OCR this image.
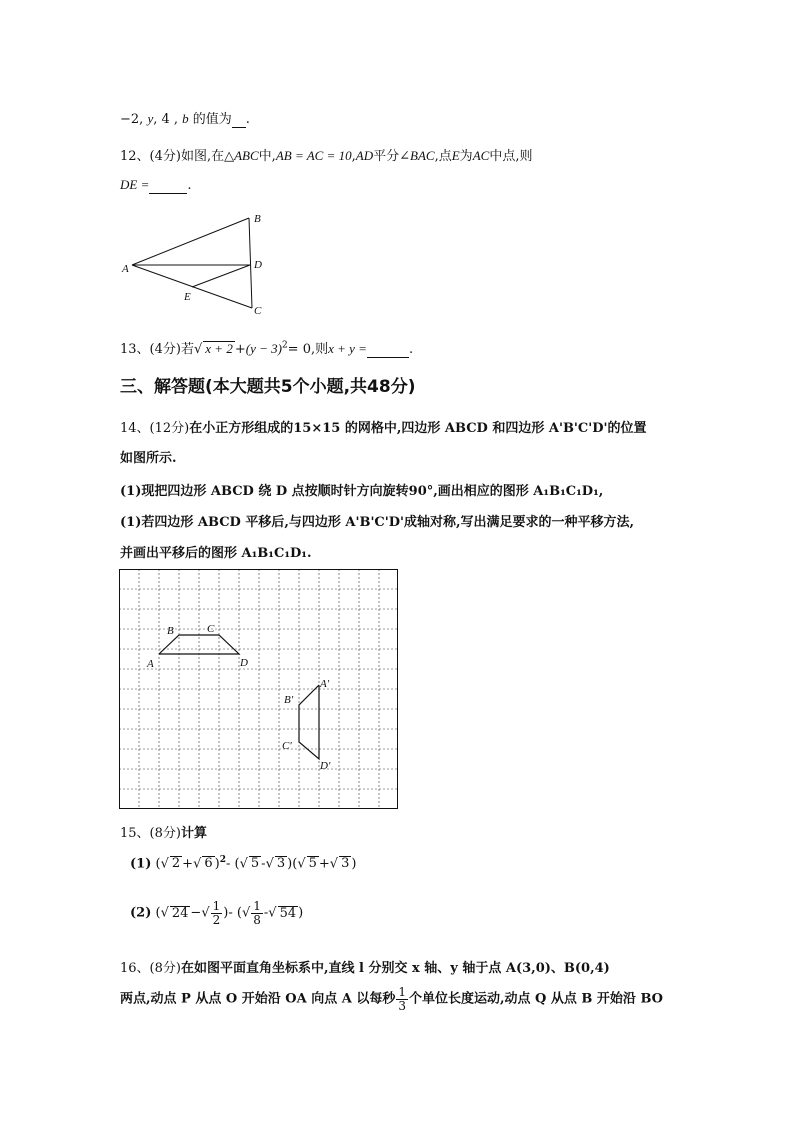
−2, y, 4 , b 的值为 .
12、(4分)如图,在△ABC中,AB = AC = 10,AD平分∠BAC,点E为AC中点,则
DE =	.
A
B
C
D
E
13、(4分)若√ $x + 2 +(y - 3)^2= 0$,则x + y =	.
三、解答题(本大题共5个小题,共48分)
14、(12分)在小正方形组成的15×15 的网格中,四边形 ABCD 和四边形 A'B'C'D'的位置
如图所示.
(1)现把四边形 ABCD 绕 D 点按顺时针方向旋转90°,画出相应的图形 A₁B₁C₁D₁,
(1)若四边形 ABCD 平移后,与四边形 A'B'C'D'成轴对称,写出满足要求的一种平移方法,
并画出平移后的图形 A₁B₁C₁D₁.
A
B	C
D
A′
B′
C′
D′
15、(8分)计算
(1) (√ 2 +√ 6 )$^2$- (√ 5 -√ 3 )(√ 5 +√ 3 )
(2) (√ 24 −√ $\frac{1}{2}$ )- (√ $\frac{1}{8}$ -√ 54 )
16、(8分)在如图平面直角坐标系中,直线 l 分别交 x 轴、y 轴于点 A(3,0)、B(0,4)
两点,动点 P 从点 O 开始沿 OA 向点 A 以每秒 $\frac{1}{3}$ 个单位长度运动,动点 Q 从点 B 开始沿 BO
